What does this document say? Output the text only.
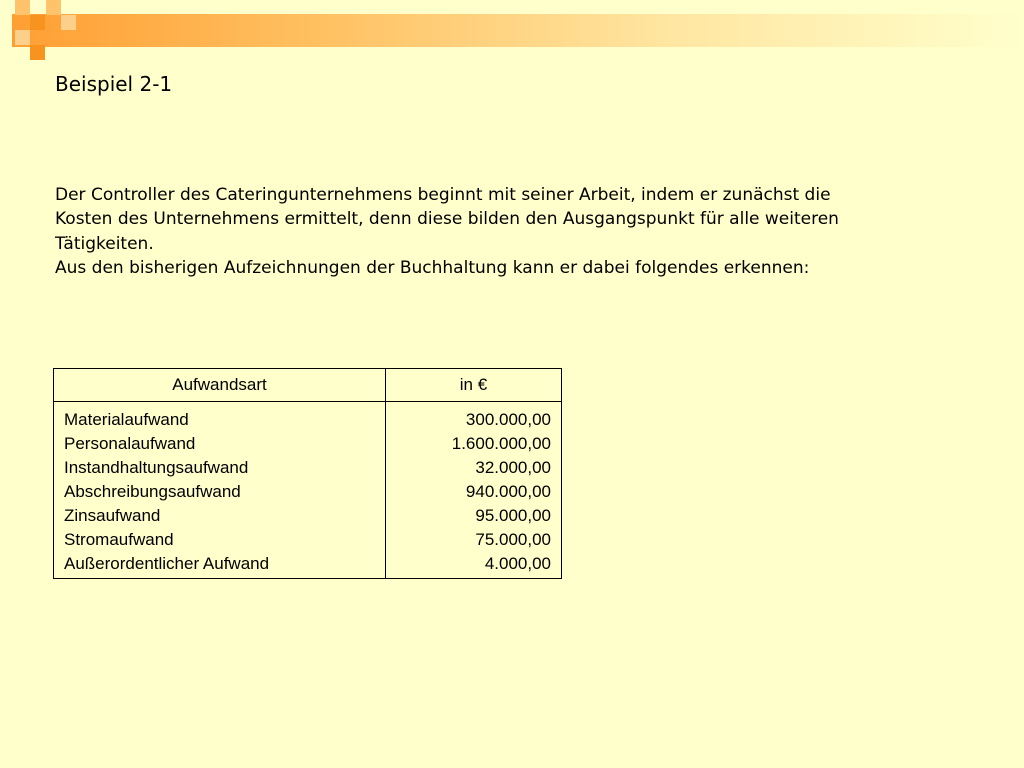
Beispiel 2-1

Der Controller des Cateringunternehmens beginnt mit seiner Arbeit, indem er zunächst die Kosten des Unternehmens ermittelt, denn diese bilden den Ausgangspunkt für alle weiteren Tätigkeiten.

Aus den bisherigen Aufzeichnungen der Buchhaltung kann er dabei folgendes erkennen:

Aufwandsart	in €
Materialaufwand	300.000,00
Personalaufwand	1.600.000,00
Instandhaltungsaufwand	32.000,00
Abschreibungsaufwand	940.000,00
Zinsaufwand	95.000,00
Stromaufwand	75.000,00
Außerordentlicher Aufwand	4.000,00
